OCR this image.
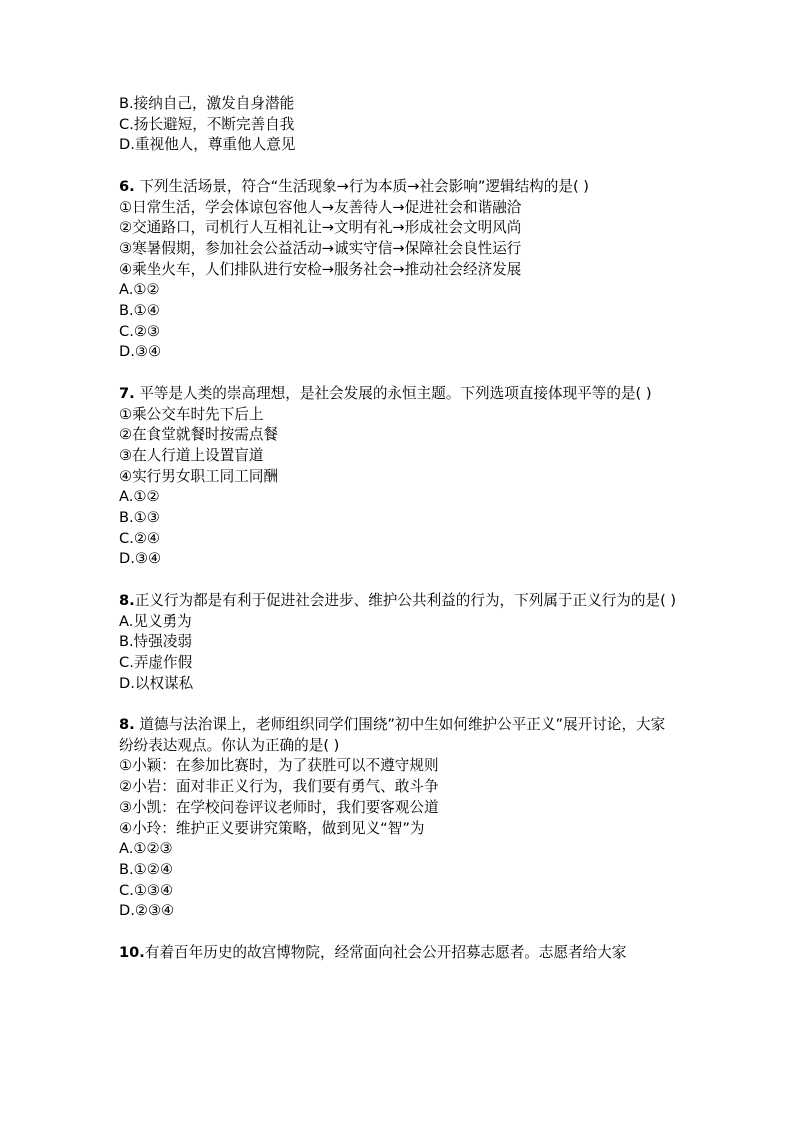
B.接纳自己，激发自身潜能
C.扬长避短，不断完善自我
D.重视他人，尊重他人意见
6. 下列生活场景，符合“生活现象→行为本质→社会影响”逻辑结构的是( )
①日常生活，学会体谅包容他人→友善待人→促进社会和谐融洽
②交通路口，司机行人互相礼让→文明有礼→形成社会文明风尚
③寒暑假期，参加社会公益活动→诚实守信→保障社会良性运行
④乘坐火车，人们排队进行安检→服务社会→推动社会经济发展
A.①②
B.①④
C.②③
D.③④
7. 平等是人类的崇高理想，是社会发展的永恒主题。下列选项直接体现平等的是( )
①乘公交车时先下后上
②在食堂就餐时按需点餐
③在人行道上设置盲道
④实行男女职工同工同酬
A.①②
B.①③
C.②④
D.③④
8.正义行为都是有利于促进社会进步、维护公共利益的行为，下列属于正义行为的是( )
A.见义勇为
B.恃强凌弱
C.弄虚作假
D.以权谋私
8. 道德与法治课上，老师组织同学们围绕”初中生如何维护公平正义”展开讨论，大家纷纷表达观点。你认为正确的是( )
①小颖：在参加比赛时，为了获胜可以不遵守规则
②小岩：面对非正义行为，我们要有勇气、敢斗争
③小凯：在学校问卷评议老师时，我们要客观公道
④小玲：维护正义要讲究策略，做到见义“智”为
A.①②③
B.①②④
C.①③④
D.②③④
10.有着百年历史的故宫博物院，经常面向社会公开招募志愿者。志愿者给大家
